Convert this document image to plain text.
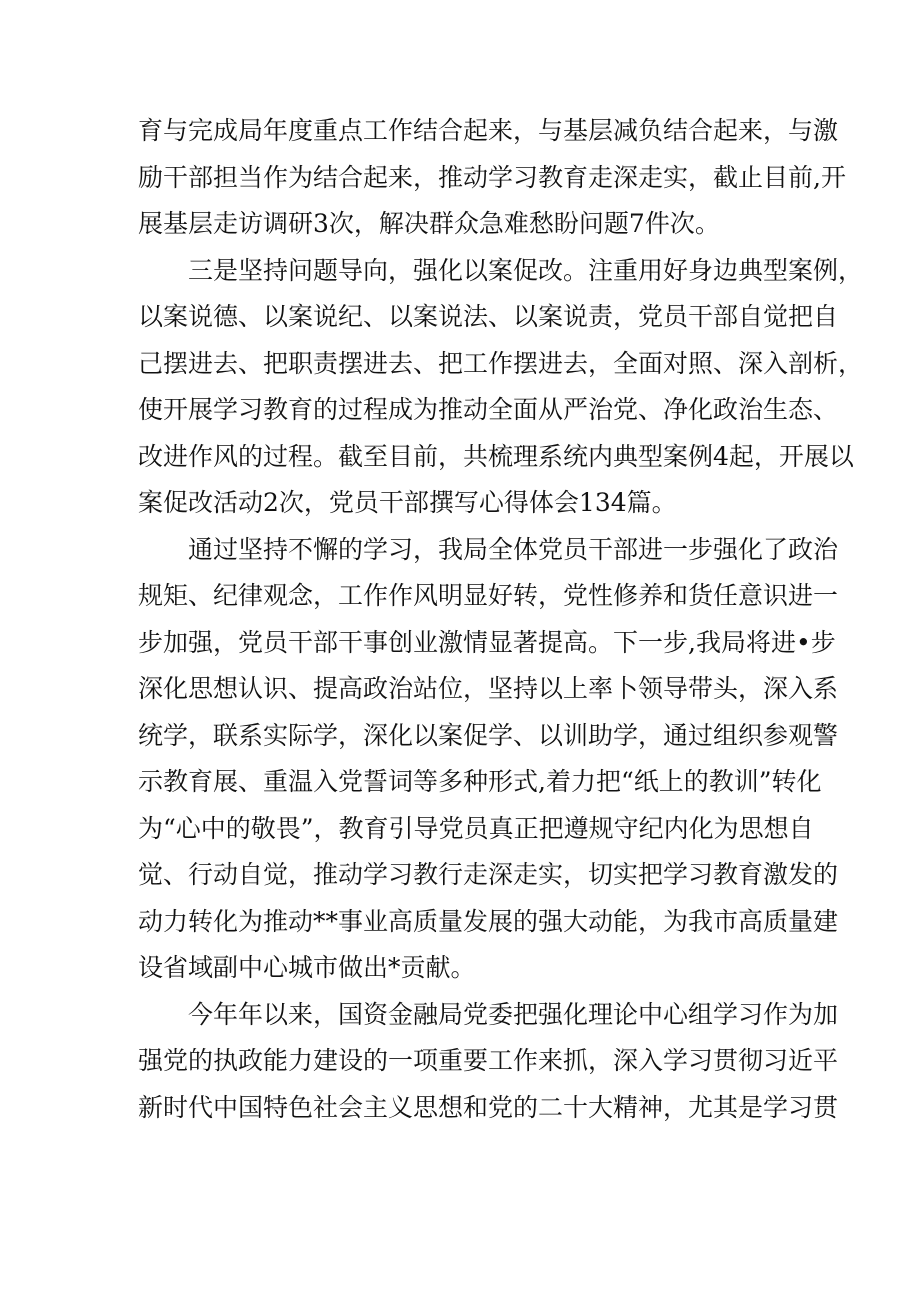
育与完成局年度重点工作结合起来，与基层减负结合起来，与激
励干部担当作为结合起来，推动学习教育走深走实，截止目前,开
展基层走访调研3次，解决群众急难愁盼问题7件次。
三是坚持问题导向，强化以案促改。注重用好身边典型案例，
以案说德、以案说纪、以案说法、以案说责，党员干部自觉把自
己摆进去、把职责摆进去、把工作摆进去，全面对照、深入剖析，
使开展学习教育的过程成为推动全面从严治党、净化政治生态、
改进作风的过程。截至目前，共梳理系统内典型案例4起，开展以
案促改活动2次，党员干部撰写心得体会134篇。
通过坚持不懈的学习，我局全体党员干部进一步强化了政治
规矩、纪律观念，工作作风明显好转，党性修养和货任意识进一
步加强，党员干部干事创业激情显著提高。下一步,我局将进•步
深化思想认识、提高政治站位，坚持以上率卜领导带头，深入系
统学，联系实际学，深化以案促学、以训助学，通过组织参观警
示教育展、重温入党誓词等多种形式,着力把“纸上的教训”转化
为“心中的敬畏”，教育引导党员真正把遵规守纪内化为思想自
觉、行动自觉，推动学习教行走深走实，切实把学习教育激发的
动力转化为推动**事业高质量发展的强大动能，为我市高质量建
设省域副中心城市做出*贡献。
今年年以来，国资金融局党委把强化理论中心组学习作为加
强党的执政能力建设的一项重要工作来抓，深入学习贯彻习近平
新时代中国特色社会主义思想和党的二十大精神，尤其是学习贯
